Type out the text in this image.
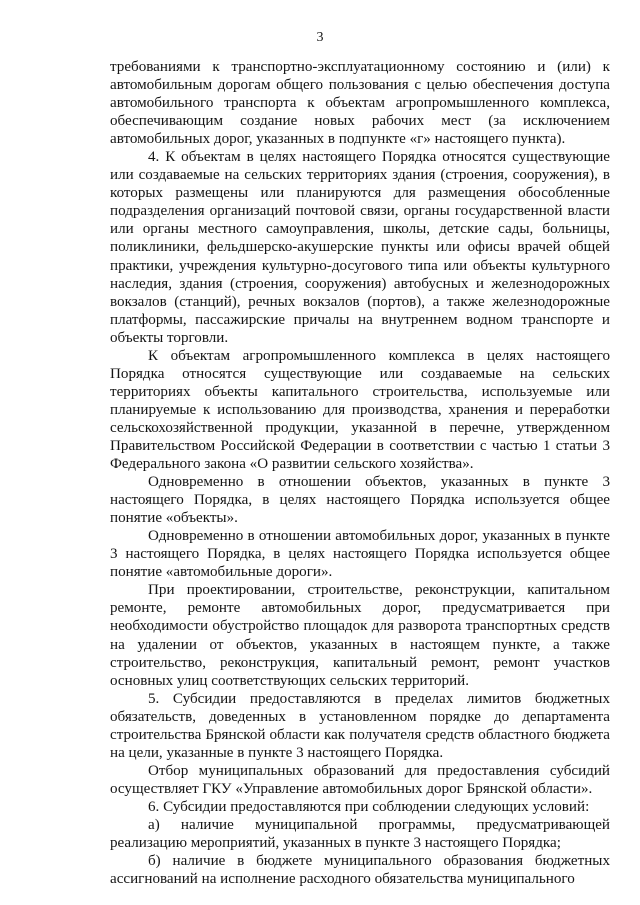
3

требованиями к транспортно-эксплуатационному состоянию и (или) к автомобильным дорогам общего пользования с целью обеспечения доступа автомобильного транспорта к объектам агропромышленного комплекса, обеспечивающим создание новых рабочих мест (за исключением автомобильных дорог, указанных в подпункте «г» настоящего пункта).

4. К объектам в целях настоящего Порядка относятся существующие или создаваемые на сельских территориях здания (строения, сооружения), в которых размещены или планируются для размещения обособленные подразделения организаций почтовой связи, органы государственной власти или органы местного самоуправления, школы, детские сады, больницы, поликлиники, фельдшерско-акушерские пункты или офисы врачей общей практики, учреждения культурно-досугового типа или объекты культурного наследия, здания (строения, сооружения) автобусных и железнодорожных вокзалов (станций), речных вокзалов (портов), а также железнодорожные платформы, пассажирские причалы на внутреннем водном транспорте и объекты торговли.

К объектам агропромышленного комплекса в целях настоящего Порядка относятся существующие или создаваемые на сельских территориях объекты капитального строительства, используемые или планируемые к использованию для производства, хранения и переработки сельскохозяйственной продукции, указанной в перечне, утвержденном Правительством Российской Федерации в соответствии с частью 1 статьи 3 Федерального закона «О развитии сельского хозяйства».

Одновременно в отношении объектов, указанных в пункте 3 настоящего Порядка, в целях настоящего Порядка используется общее понятие «объекты».

Одновременно в отношении автомобильных дорог, указанных в пункте 3 настоящего Порядка, в целях настоящего Порядка используется общее понятие «автомобильные дороги».

При проектировании, строительстве, реконструкции, капитальном ремонте, ремонте автомобильных дорог, предусматривается при необходимости обустройство площадок для разворота транспортных средств на удалении от объектов, указанных в настоящем пункте, а также строительство, реконструкция, капитальный ремонт, ремонт участков основных улиц соответствующих сельских территорий.

5. Субсидии предоставляются в пределах лимитов бюджетных обязательств, доведенных в установленном порядке до департамента строительства Брянской области как получателя средств областного бюджета на цели, указанные в пункте 3 настоящего Порядка.

Отбор муниципальных образований для предоставления субсидий осуществляет ГКУ «Управление автомобильных дорог Брянской области».

6. Субсидии предоставляются при соблюдении следующих условий:

а) наличие муниципальной программы, предусматривающей реализацию мероприятий, указанных в пункте 3 настоящего Порядка;

б) наличие в бюджете муниципального образования бюджетных ассигнований на исполнение расходного обязательства муниципального
